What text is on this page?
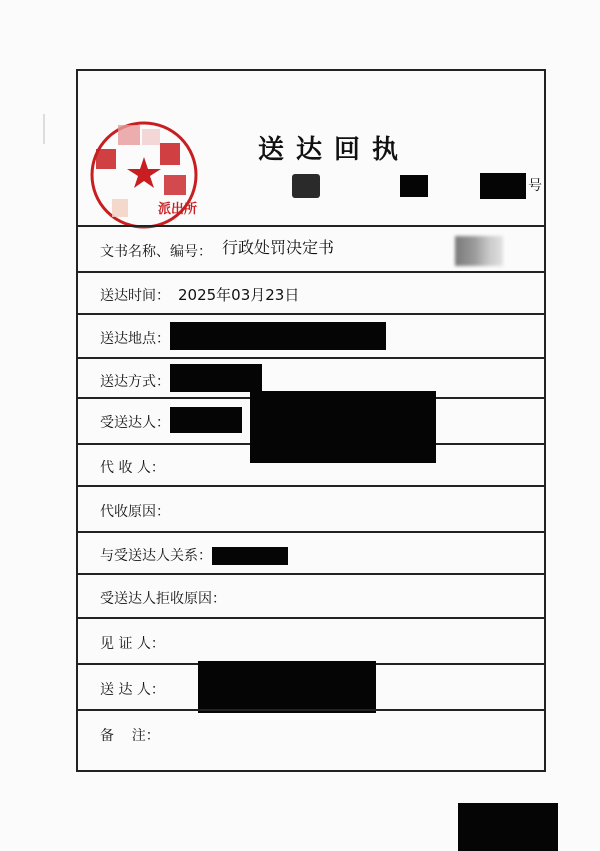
派出所
送达回执
号
文书名称、编号： 行政处罚决定书
送达时间： 2025年03月23日
送达地点：
送达方式：
受送达人：
代 收 人：
代收原因：
与受送达人关系：
受送达人拒收原因：
见 证 人：
送 达 人：
备    注：
